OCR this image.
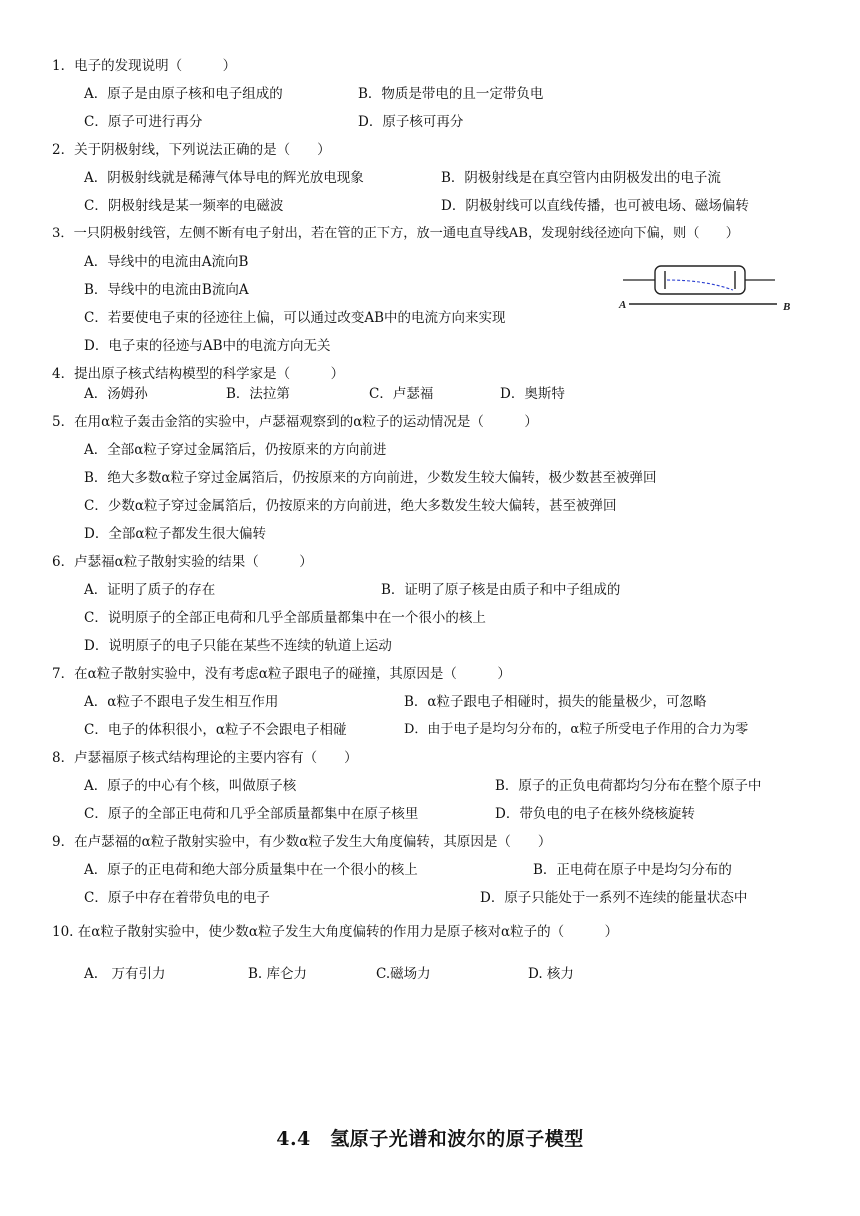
1．电子的发现说明（　　　）
A．原子是由原子核和电子组成的	B．物质是带电的且一定带负电
C．原子可进行再分	D．原子核可再分
2．关于阴极射线，下列说法正确的是（　　）
A．阴极射线就是稀薄气体导电的辉光放电现象	B．阴极射线是在真空管内由阴极发出的电子流
C．阴极射线是某一频率的电磁波	D．阴极射线可以直线传播，也可被电场、磁场偏转
3．一只阴极射线管，左侧不断有电子射出，若在管的正下方，放一通电直导线AB，发现射线径迹向下偏，则（　　）
A．导线中的电流由A流向B
B．导线中的电流由B流向A
C．若要使电子束的径迹往上偏，可以通过改变AB中的电流方向来实现
D．电子束的径迹与AB中的电流方向无关
A	B
4．提出原子核式结构模型的科学家是（　　　）
A．汤姆孙	B．法拉第	C．卢瑟福	D．奥斯特
5．在用α粒子轰击金箔的实验中，卢瑟福观察到的α粒子的运动情况是（　　　）
A．全部α粒子穿过金属箔后，仍按原来的方向前进
B．绝大多数α粒子穿过金属箔后，仍按原来的方向前进，少数发生较大偏转，极少数甚至被弹回
C．少数α粒子穿过金属箔后，仍按原来的方向前进，绝大多数发生较大偏转，甚至被弹回
D．全部α粒子都发生很大偏转
6．卢瑟福α粒子散射实验的结果（　　　）
A．证明了质子的存在	B．证明了原子核是由质子和中子组成的
C．说明原子的全部正电荷和几乎全部质量都集中在一个很小的核上
D．说明原子的电子只能在某些不连续的轨道上运动
7．在α粒子散射实验中，没有考虑α粒子跟电子的碰撞，其原因是（　　　）
A．α粒子不跟电子发生相互作用	B．α粒子跟电子相碰时，损失的能量极少，可忽略
C．电子的体积很小，α粒子不会跟电子相碰	D．由于电子是均匀分布的，α粒子所受电子作用的合力为零
8．卢瑟福原子核式结构理论的主要内容有（　　）
A．原子的中心有个核，叫做原子核	B．原子的正负电荷都均匀分布在整个原子中
C．原子的全部正电荷和几乎全部质量都集中在原子核里	D．带负电的电子在核外绕核旋转
9．在卢瑟福的α粒子散射实验中，有少数α粒子发生大角度偏转，其原因是（　　）
A．原子的正电荷和绝大部分质量集中在一个很小的核上	B．正电荷在原子中是均匀分布的
C．原子中存在着带负电的电子	D．原子只能处于一系列不连续的能量状态中
10. 在α粒子散射实验中，使少数α粒子发生大角度偏转的作用力是原子核对α粒子的（　　　）
A.　万有引力	B. 库仑力	C.磁场力	D. 核力
4.4　氢原子光谱和波尔的原子模型
